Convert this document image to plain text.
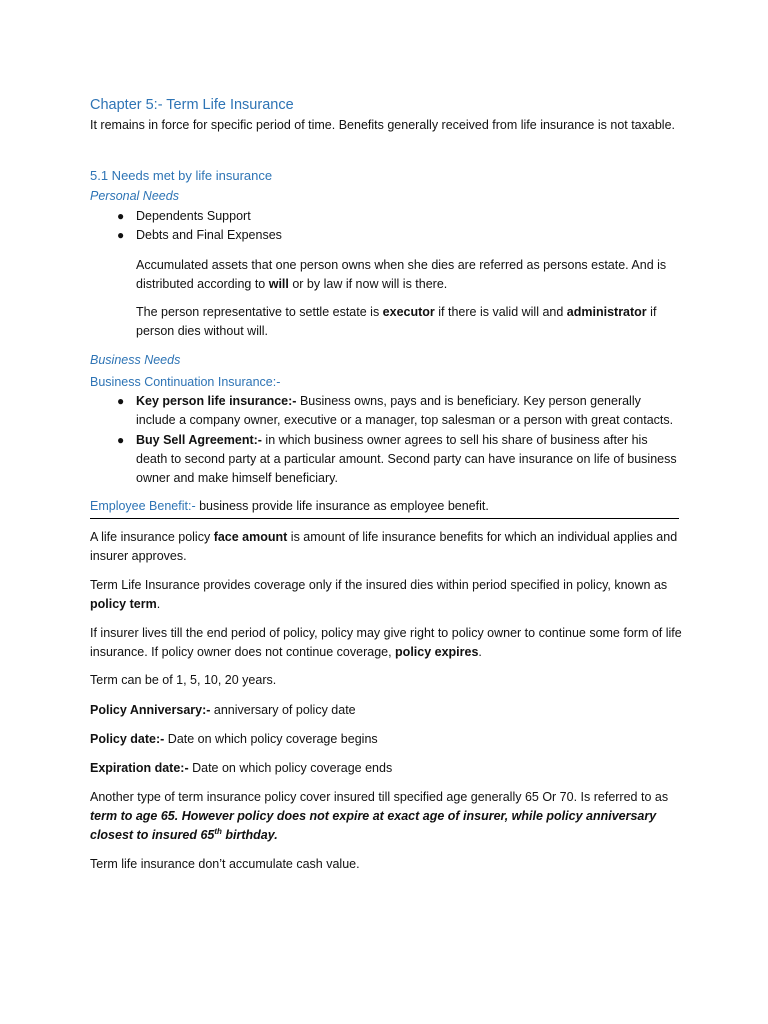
Chapter 5:- Term Life Insurance
It remains in force for specific period of time. Benefits generally received from life insurance is not taxable.
5.1 Needs met by life insurance
Personal Needs
● Dependents Support
● Debts and Final Expenses
Accumulated assets that one person owns when she dies are referred as persons estate. And is distributed according to will or by law if now will is there.
The person representative to settle estate is executor if there is valid will and administrator if person dies without will.
Business Needs
Business Continuation Insurance:-
● Key person life insurance:- Business owns, pays and is beneficiary. Key person generally include a company owner, executive or a manager, top salesman or a person with great contacts.
● Buy Sell Agreement:- in which business owner agrees to sell his share of business after his death to second party at a particular amount. Second party can have insurance on life of business owner and make himself beneficiary.
Employee Benefit:- business provide life insurance as employee benefit.
A life insurance policy face amount is amount of life insurance benefits for which an individual applies and insurer approves.
Term Life Insurance provides coverage only if the insured dies within period specified in policy, known as policy term.
If insurer lives till the end period of policy, policy may give right to policy owner to continue some form of life insurance. If policy owner does not continue coverage, policy expires.
Term can be of 1, 5, 10, 20 years.
Policy Anniversary:- anniversary of policy date
Policy date:- Date on which policy coverage begins
Expiration date:- Date on which policy coverage ends
Another type of term insurance policy cover insured till specified age generally 65 Or 70. Is referred to as term to age 65. However policy does not expire at exact age of insurer, while policy anniversary closest to insured 65th birthday.
Term life insurance don’t accumulate cash value.
